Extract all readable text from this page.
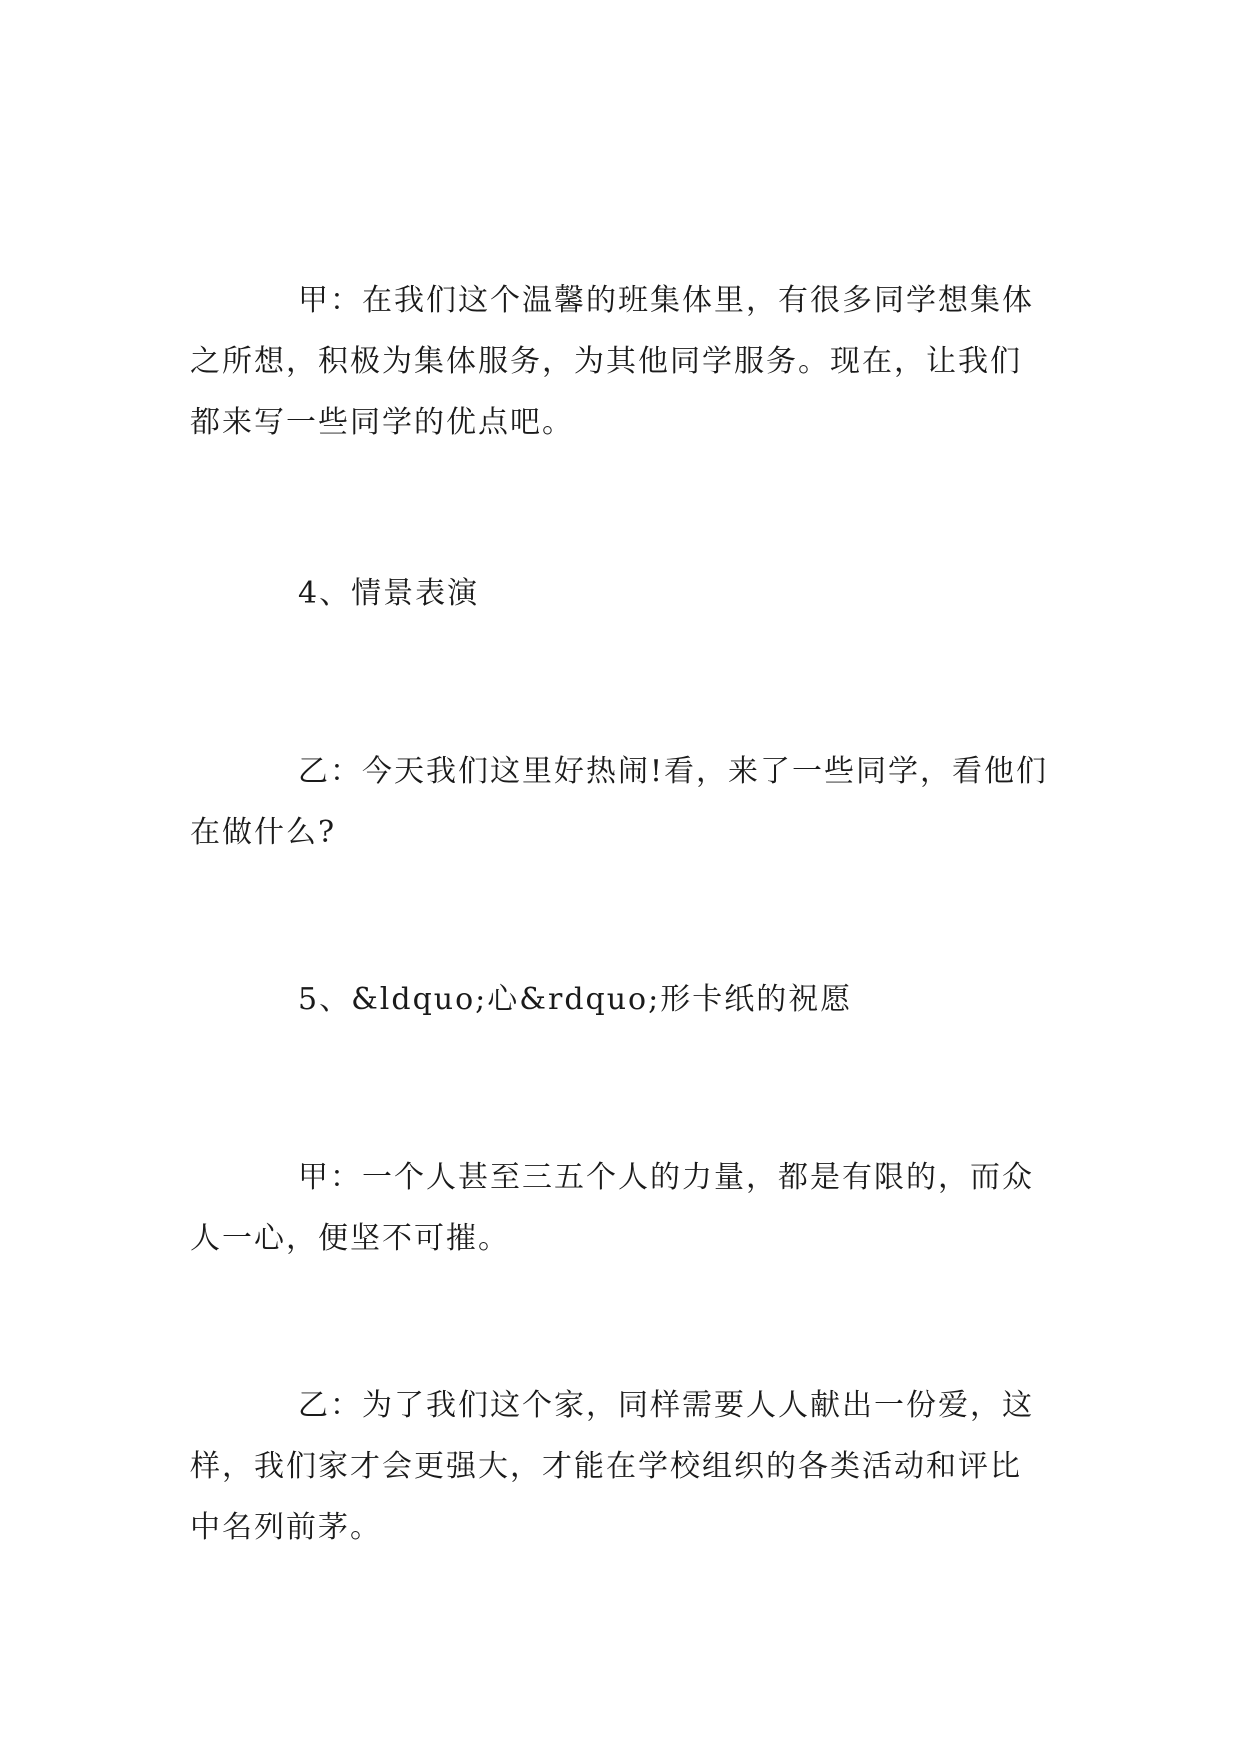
甲：在我们这个温馨的班集体里，有很多同学想集体之所想，积极为集体服务，为其他同学服务。现在，让我们都来写一些同学的优点吧。

4、情景表演

乙：今天我们这里好热闹!看，来了一些同学，看他们在做什么?

5、&ldquo;心&rdquo;形卡纸的祝愿

甲：一个人甚至三五个人的力量，都是有限的，而众人一心，便坚不可摧。

乙：为了我们这个家，同样需要人人献出一份爱，这样，我们家才会更强大，才能在学校组织的各类活动和评比中名列前茅。
